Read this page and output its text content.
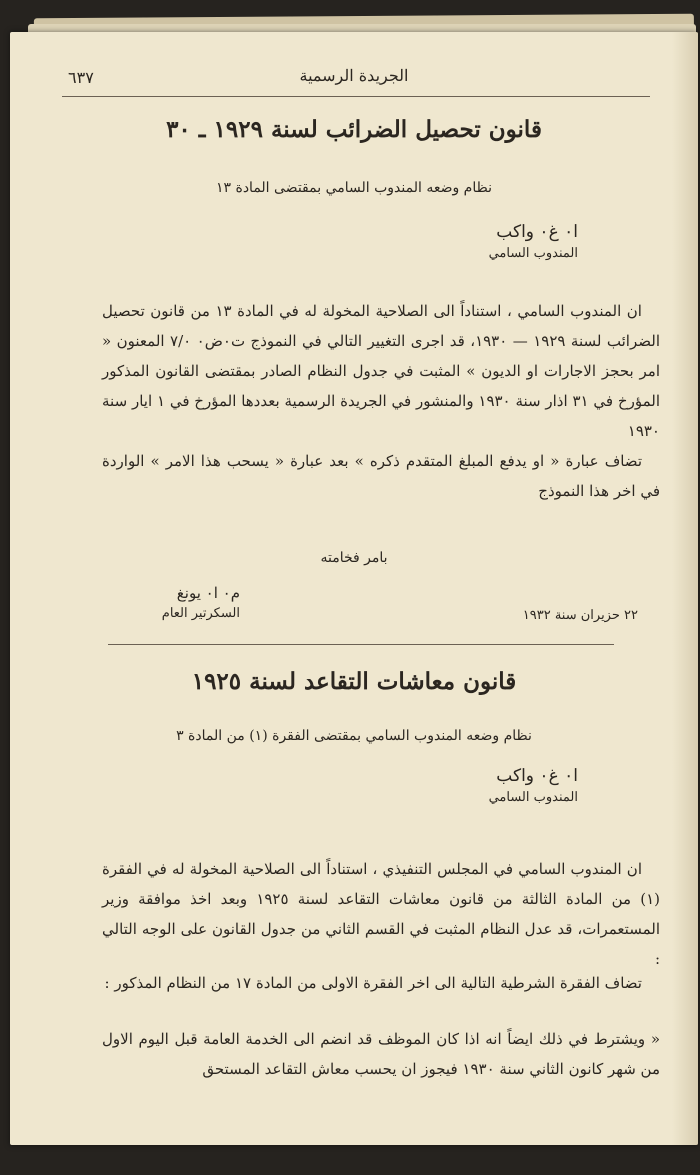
٦٣٧	الجريدة الرسمية
قانون تحصيل الضرائب لسنة ١٩٢٩ ـ ٣٠
نظام وضعه المندوب السامي بمقتضى المادة ١٣
ا٠ غ٠ واكب
المندوب السامي
ان المندوب السامي ، استناداً الى الصلاحية المخولة له في المادة ١٣ من قانون تحصيل الضرائب لسنة ١٩٢٩ — ١٩٣٠، قد اجرى التغيير التالي في النموذج ت٠ض٠ ٧/٠ المعنون « امر بحجز الاجارات او الديون » المثبت في جدول النظام الصادر بمقتضى القانون المذكور المؤرخ في ٣١ اذار سنة ١٩٣٠ والمنشور في الجريدة الرسمية بعددها المؤرخ في ١ ايار سنة ١٩٣٠
تضاف عبارة « او يدفع المبلغ المتقدم ذكره » بعد عبارة « يسحب هذا الامر » الواردة في اخر هذا النموذج
بامر فخامته
م٠ ا٠ يونغ
السكرتير العام	٢٢ حزيران سنة ١٩٣٢
قانون معاشات التقاعد لسنة ١٩٢٥
نظام وضعه المندوب السامي بمقتضى الفقرة (١) من المادة ٣
ا٠ غ٠ واكب
المندوب السامي
ان المندوب السامي في المجلس التنفيذي ، استناداً الى الصلاحية المخولة له في الفقرة (١) من المادة الثالثة من قانون معاشات التقاعد لسنة ١٩٢٥ وبعد اخذ موافقة وزير المستعمرات، قد عدل النظام المثبت في القسم الثاني من جدول القانون على الوجه التالي :
تضاف الفقرة الشرطية التالية الى اخر الفقرة الاولى من المادة ١٧ من النظام المذكور :
« ويشترط في ذلك ايضاً انه اذا كان الموظف قد انضم الى الخدمة العامة قبل اليوم الاول من شهر كانون الثاني سنة ١٩٣٠ فيجوز ان يحسب معاش التقاعد المستحق
